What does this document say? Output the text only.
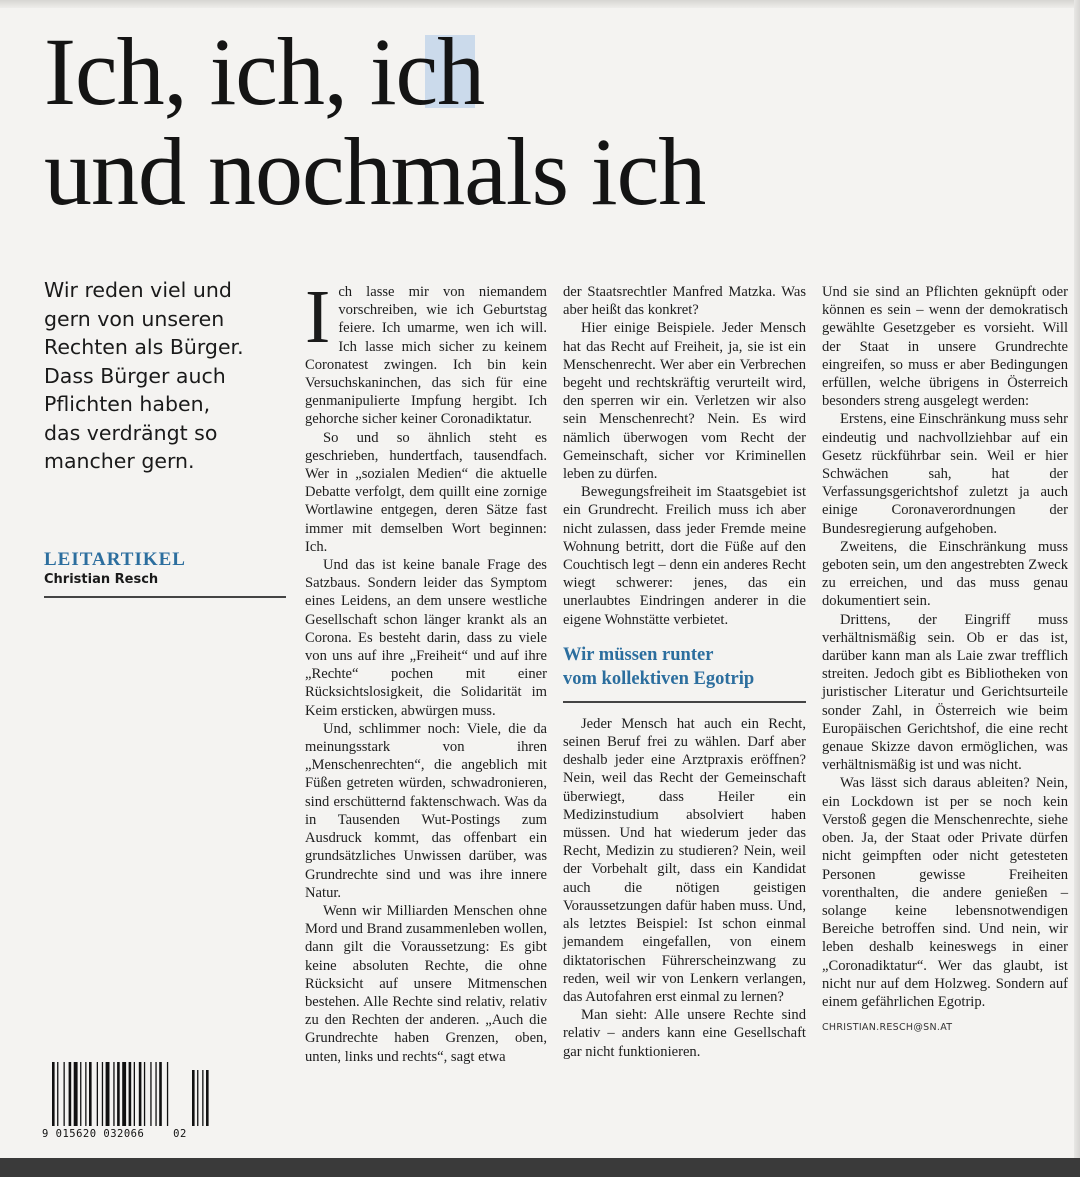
Ich, ich, ich
und nochmals ich
Wir reden viel und
gern von unseren
Rechten als Bürger.
Dass Bürger auch
Pflichten haben,
das verdrängt so
mancher gern.
LEITARTIKEL
Christian Resch

Ich lasse mir von niemandem vorschreiben, wie ich Geburtstag feiere. Ich umarme, wen ich will. Ich lasse mich sicher zu keinem Coronatest zwingen. Ich bin kein Versuchskaninchen, das sich für eine genmanipulierte Impfung hergibt. Ich gehorche sicher keiner Coronadiktatur.

So und so ähnlich steht es geschrieben, hundertfach, tausendfach. Wer in „sozialen Medien“ die aktuelle Debatte verfolgt, dem quillt eine zornige Wortlawine entgegen, deren Sätze fast immer mit demselben Wort beginnen: Ich.

Und das ist keine banale Frage des Satzbaus. Sondern leider das Symptom eines Leidens, an dem unsere westliche Gesellschaft schon länger krankt als an Corona. Es besteht darin, dass zu viele von uns auf ihre „Freiheit“ und auf ihre „Rechte“ pochen mit einer Rücksichtslosigkeit, die Solidarität im Keim ersticken, abwürgen muss.

Und, schlimmer noch: Viele, die da meinungsstark von ihren „Menschenrechten“, die angeblich mit Füßen getreten würden, schwadronieren, sind erschütternd faktenschwach. Was da in Tausenden Wut-Postings zum Ausdruck kommt, das offenbart ein grundsätzliches Unwissen darüber, was Grundrechte sind und was ihre innere Natur.

Wenn wir Milliarden Menschen ohne Mord und Brand zusammenleben wollen, dann gilt die Voraussetzung: Es gibt keine absoluten Rechte, die ohne Rücksicht auf unsere Mitmenschen bestehen. Alle Rechte sind relativ, relativ zu den Rechten der anderen. „Auch die Grundrechte haben Grenzen, oben, unten, links und rechts“, sagt etwa

der Staatsrechtler Manfred Matzka. Was aber heißt das konkret?

Hier einige Beispiele. Jeder Mensch hat das Recht auf Freiheit, ja, sie ist ein Menschenrecht. Wer aber ein Verbrechen begeht und rechtskräftig verurteilt wird, den sperren wir ein. Verletzen wir also sein Menschenrecht? Nein. Es wird nämlich überwogen vom Recht der Gemeinschaft, sicher vor Kriminellen leben zu dürfen.

Bewegungsfreiheit im Staatsgebiet ist ein Grundrecht. Freilich muss ich aber nicht zulassen, dass jeder Fremde meine Wohnung betritt, dort die Füße auf den Couchtisch legt – denn ein anderes Recht wiegt schwerer: jenes, das ein unerlaubtes Eindringen anderer in die eigene Wohnstätte verbietet.

Wir müssen runter
vom kollektiven Egotrip

Jeder Mensch hat auch ein Recht, seinen Beruf frei zu wählen. Darf aber deshalb jeder eine Arztpraxis eröffnen? Nein, weil das Recht der Gemeinschaft überwiegt, dass Heiler ein Medizinstudium absolviert haben müssen. Und hat wiederum jeder das Recht, Medizin zu studieren? Nein, weil der Vorbehalt gilt, dass ein Kandidat auch die nötigen geistigen Voraussetzungen dafür haben muss. Und, als letztes Beispiel: Ist schon einmal jemandem eingefallen, von einem diktatorischen Führerscheinzwang zu reden, weil wir von Lenkern verlangen, das Autofahren erst einmal zu lernen?

Man sieht: Alle unsere Rechte sind relativ – anders kann eine Gesellschaft gar nicht funktionieren.

Und sie sind an Pflichten geknüpft oder können es sein – wenn der demokratisch gewählte Gesetzgeber es vorsieht. Will der Staat in unsere Grundrechte eingreifen, so muss er aber Bedingungen erfüllen, welche übrigens in Österreich besonders streng ausgelegt werden:

Erstens, eine Einschränkung muss sehr eindeutig und nachvollziehbar auf ein Gesetz rückführbar sein. Weil er hier Schwächen sah, hat der Verfassungsgerichtshof zuletzt ja auch einige Coronaverordnungen der Bundesregierung aufgehoben.

Zweitens, die Einschränkung muss geboten sein, um den angestrebten Zweck zu erreichen, und das muss genau dokumentiert sein.

Drittens, der Eingriff muss verhältnismäßig sein. Ob er das ist, darüber kann man als Laie zwar trefflich streiten. Jedoch gibt es Bibliotheken von juristischer Literatur und Gerichtsurteile sonder Zahl, in Österreich wie beim Europäischen Gerichtshof, die eine recht genaue Skizze davon ermöglichen, was verhältnismäßig ist und was nicht.

Was lässt sich daraus ableiten? Nein, ein Lockdown ist per se noch kein Verstoß gegen die Menschenrechte, siehe oben. Ja, der Staat oder Private dürfen nicht geimpften oder nicht getesteten Personen gewisse Freiheiten vorenthalten, die andere genießen – solange keine lebensnotwendigen Bereiche betroffen sind. Und nein, wir leben deshalb keineswegs in einer „Coronadiktatur“. Wer das glaubt, ist nicht nur auf dem Holzweg. Sondern auf einem gefährlichen Egotrip.

CHRISTIAN.RESCH@SN.AT
9 015620 032066	02
